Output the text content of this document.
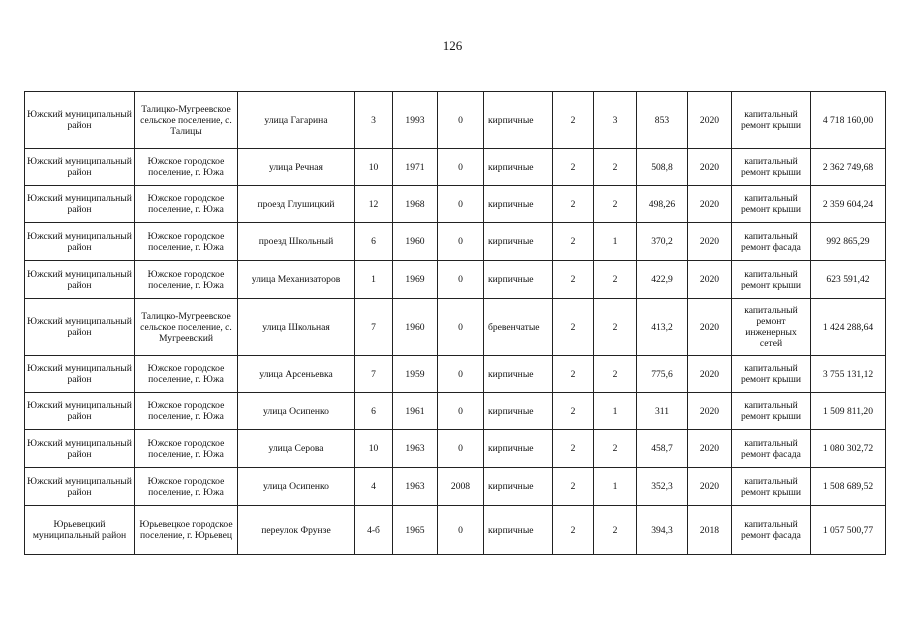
126
Южский муниципальный район	Талицко-Мугреевское сельское поселение, с. Талицы	улица Гагарина	3	1993	0	кирпичные	2	3	853	2020	капитальный ремонт крыши	4 718 160,00
Южский муниципальный район	Южское городское поселение, г. Южа	улица Речная	10	1971	0	кирпичные	2	2	508,8	2020	капитальный ремонт крыши	2 362 749,68
Южский муниципальный район	Южское городское поселение, г. Южа	проезд Глушицкий	12	1968	0	кирпичные	2	2	498,26	2020	капитальный ремонт крыши	2 359 604,24
Южский муниципальный район	Южское городское поселение, г. Южа	проезд Школьный	6	1960	0	кирпичные	2	1	370,2	2020	капитальный ремонт фасада	992 865,29
Южский муниципальный район	Южское городское поселение, г. Южа	улица Механизаторов	1	1969	0	кирпичные	2	2	422,9	2020	капитальный ремонт крыши	623 591,42
Южский муниципальный район	Талицко-Мугреевское сельское поселение, с. Мугреевский	улица Школьная	7	1960	0	бревенчатые	2	2	413,2	2020	капитальный ремонт инженерных сетей	1 424 288,64
Южский муниципальный район	Южское городское поселение, г. Южа	улица Арсеньевка	7	1959	0	кирпичные	2	2	775,6	2020	капитальный ремонт крыши	3 755 131,12
Южский муниципальный район	Южское городское поселение, г. Южа	улица Осипенко	6	1961	0	кирпичные	2	1	311	2020	капитальный ремонт крыши	1 509 811,20
Южский муниципальный район	Южское городское поселение, г. Южа	улица Серова	10	1963	0	кирпичные	2	2	458,7	2020	капитальный ремонт фасада	1 080 302,72
Южский муниципальный район	Южское городское поселение, г. Южа	улица Осипенко	4	1963	2008	кирпичные	2	1	352,3	2020	капитальный ремонт крыши	1 508 689,52
Юрьевецкий муниципальный район	Юрьевецкое городское поселение, г. Юрьевец	переулок Фрунзе	4-б	1965	0	кирпичные	2	2	394,3	2018	капитальный ремонт фасада	1 057 500,77
